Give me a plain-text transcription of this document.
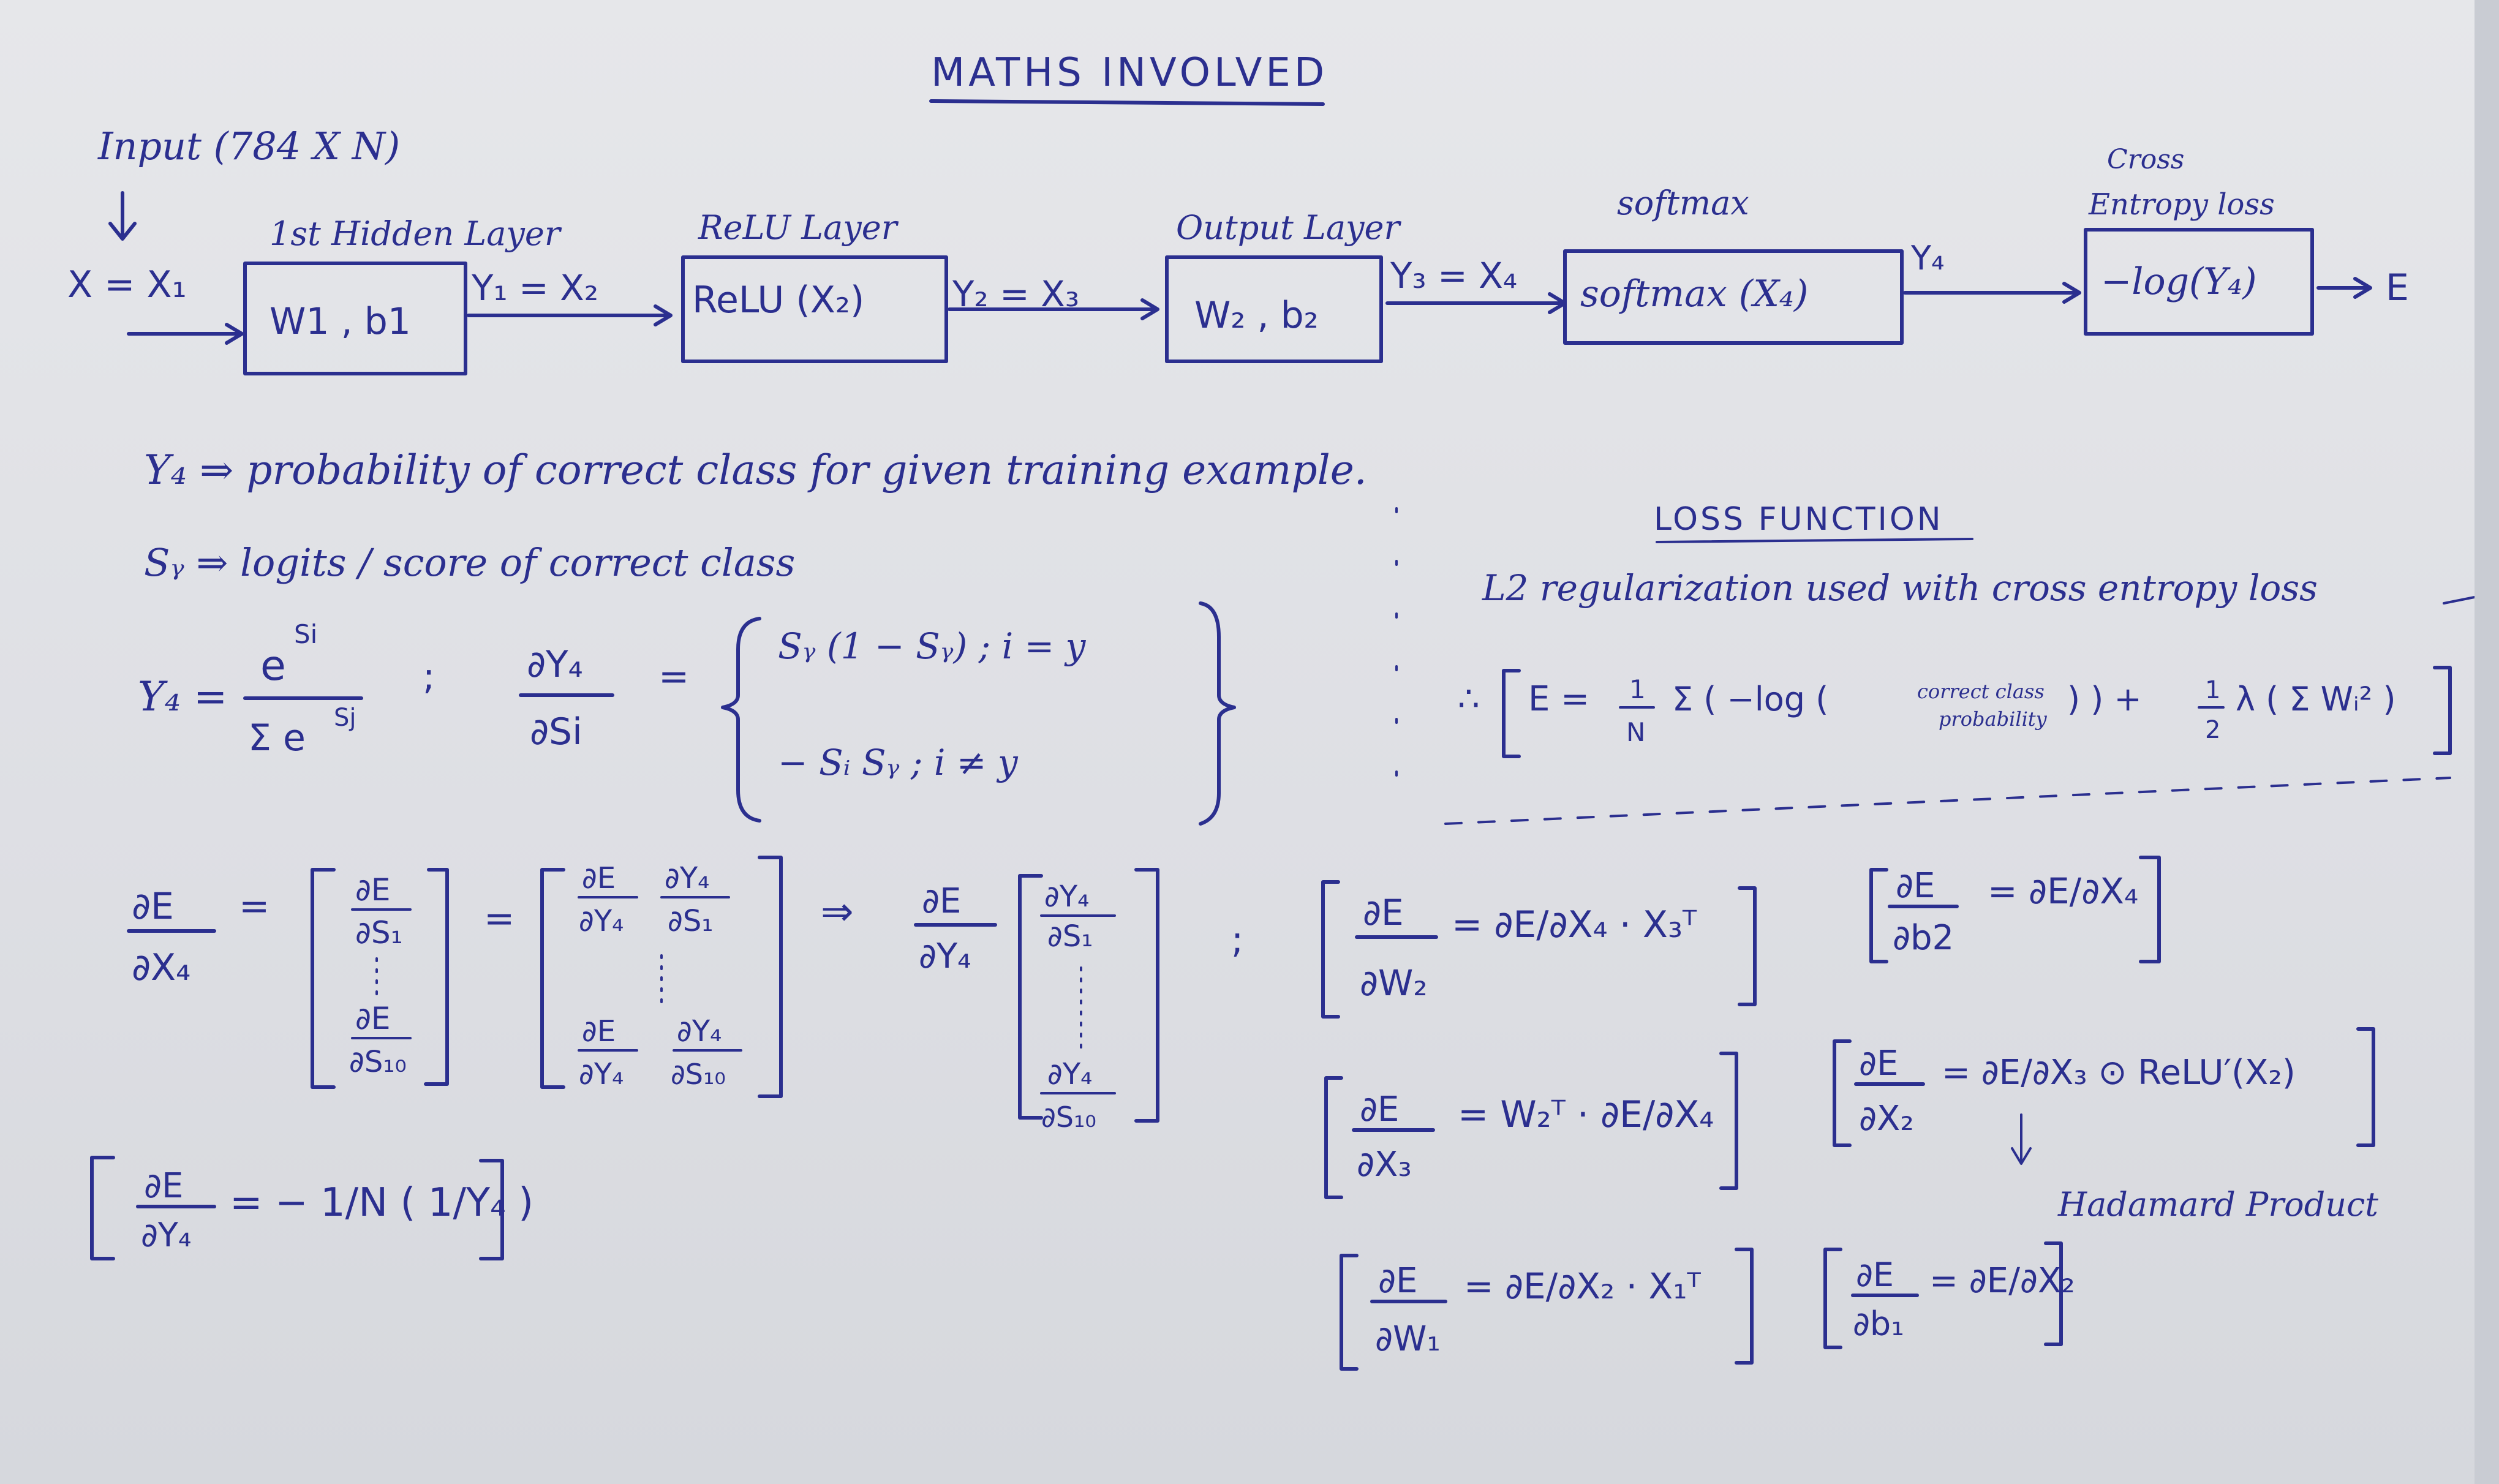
MATHS INVOLVED
Input (784 X N)
X = X₁
1st Hidden Layer
W1 , b1
Y₁ = X₂
ReLU Layer
ReLU (X₂) Y₂ = X₃
Output Layer
W₂ , b₂
Y₃ = X₄
softmax
softmax (X₄)
Y₄
Cross
Entropy loss
−log(Y₄)	E
Y₄ ⇒ probability of correct class for given training example.
Sᵧ ⇒ logits / score of correct class
Y₄ =
e
Si
Σ e Sj
; ∂Y₄
∂Si
=
Sᵧ (1 − Sᵧ) ; i = y
− Sᵢ Sᵧ ; i ≠ y
LOSS FUNCTION
L2 regularization used with cross entropy loss
∴ E = 1
N
Σ ( −log (	correct class
probability
) ) +	1
2
λ ( Σ Wᵢ² )
∂E
∂X₄
=	∂E
∂S₁
∂E
∂S₁₀
=
∂E ∂Y₄
∂Y₄ ∂S₁
∂E ∂Y₄
∂Y₄ ∂S₁₀
⇒ ∂E
∂Y₄
∂Y₄
∂S₁
∂Y₄
∂S₁₀
;
∂E
∂Y₄
= − 1/N ( 1/Y₄ )
∂E
∂W₂
= ∂E/∂X₄ · X₃ᵀ
∂E
∂b2
= ∂E/∂X₄
∂E
∂X₃
= W₂ᵀ · ∂E/∂X₄
∂E
∂X₂
= ∂E/∂X₃ ⊙ ReLU′(X₂)
Hadamard Product
∂E
∂W₁
= ∂E/∂X₂ · X₁ᵀ	∂E
∂b₁
= ∂E/∂X₂
